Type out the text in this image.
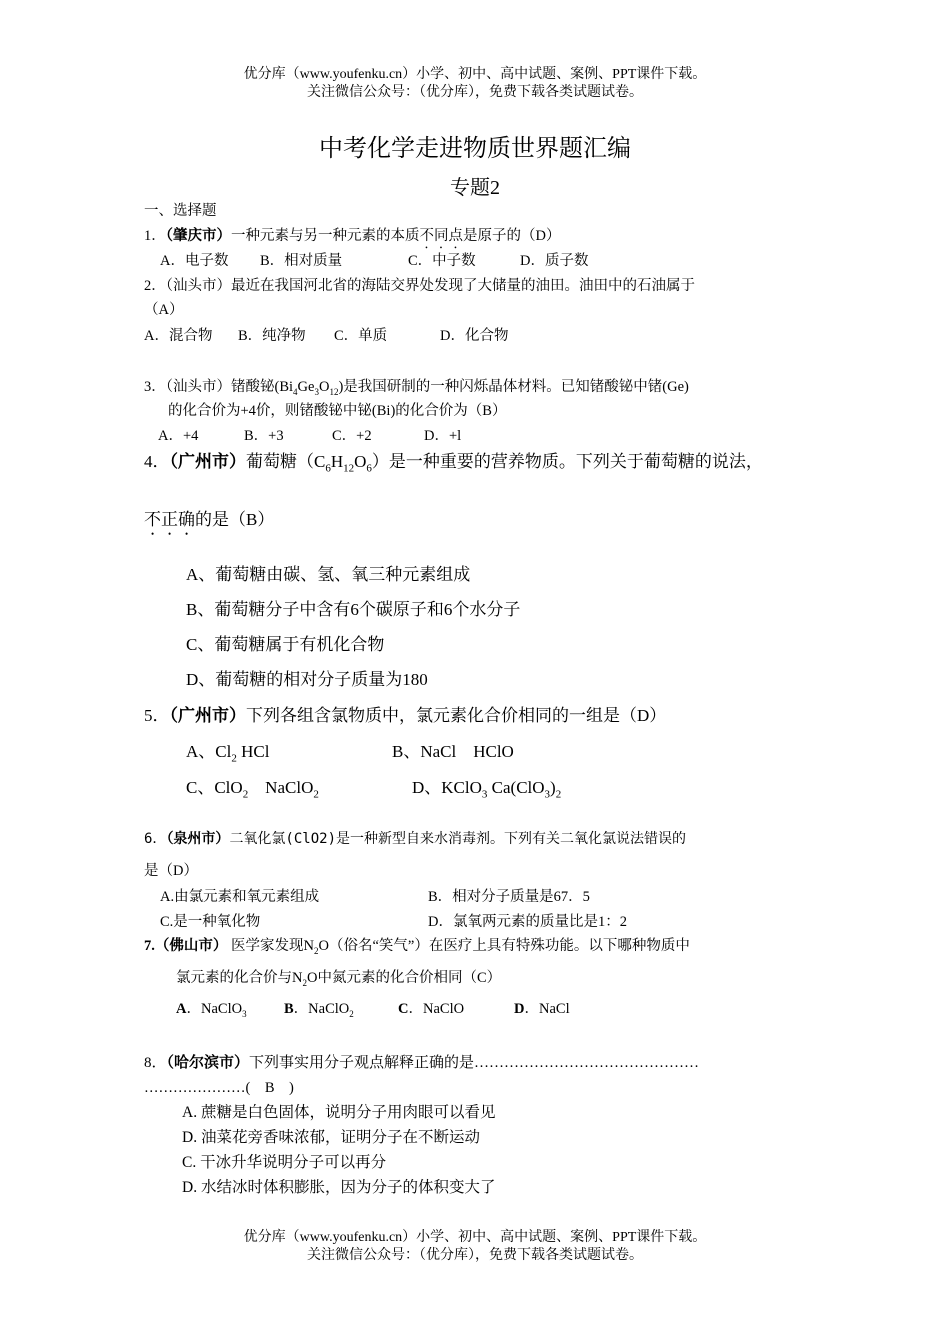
优分库（www.youfenku.cn）小学、初中、高中试题、案例、PPT课件下载。
关注微信公众号：（优分库），免费下载各类试题试卷。
中考化学走进物质世界题汇编
专题2
一、选择题
1．（肇庆市）一种元素与另一种元素的本质不同点是原子的（D）
A．电子数 B．相对质量	C．中子数	D．质子数
2．（汕头市）最近在我国河北省的海陆交界处发现了大储量的油田。油田中的石油属于
（A）
A．混合物 B．纯净物 C．单质	D．化合物
3．（汕头市）锗酸铋$(Bi_4Ge_3O_{12})$是我国研制的一种闪烁晶体材料。已知锗酸铋中锗(Ge)
的化合价为+4价，则锗酸铋中铋(Bi)的化合价为（B）
A．+4	B．+3	C．+2	D．+l
4．（广州市）葡萄糖$(C_6H_{12}O_6)$是一种重要的营养物质。下列关于葡萄糖的说法，
不正确的是（B）
A、葡萄糖由碳、氢、氧三种元素组成
B、葡萄糖分子中含有6个碳原子和6个水分子
C、葡萄糖属于有机化合物
D、葡萄糖的相对分子质量为180
5．（广州市）下列各组含氯物质中，氯元素化合价相同的一组是（D）
A、$Cl_2$ HCl	B、NaCl　HClO
C、ClO$_2$　NaClO$_2$	D、KClO$_3$ $Ca(ClO_3)_2$
6．（泉州市）二氧化氯(ClO2)是一种新型自来水消毒剂。下列有关二氧化氯说法错误的
是（D）
A.由氯元素和氧元素组成	B．相对分子质量是67．5
C.是一种氧化物	D．氯氧两元素的质量比是1：2
7.（佛山市） 医学家发现$N_2O$（俗名“笑气”）在医疗上具有特殊功能。以下哪种物质中
氯元素的化合价与$N_2O$中氮元素的化合价相同（C）
A．NaClO$_3$	B．NaClO$_2$	C．NaClO	D．NaCl
8．（哈尔滨市）下列事实用分子观点解释正确的是………………………………………
…………………(　B　)
A. 蔗糖是白色固体，说明分子用肉眼可以看见
D. 油菜花旁香味浓郁，证明分子在不断运动
C. 干冰升华说明分子可以再分
D. 水结冰时体积膨胀，因为分子的体积变大了
优分库（www.youfenku.cn）小学、初中、高中试题、案例、PPT课件下载。
关注微信公众号：（优分库），免费下载各类试题试卷。
